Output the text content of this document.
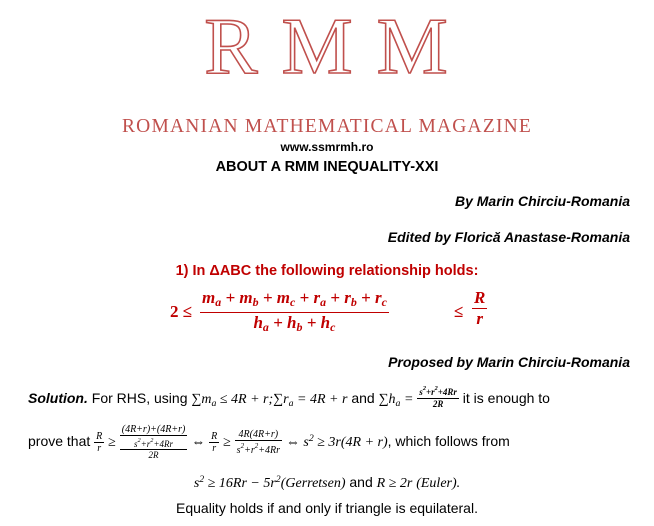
R M M
ROMANIAN MATHEMATICAL MAGAZINE
www.ssmrmh.ro
ABOUT A RMM INEQUALITY-XXI
By Marin Chirciu-Romania
Edited by Florică Anastase-Romania
1) In ΔABC the following relationship holds:
$2 \le \frac{m_a + m_b + m_c + r_a + r_b + r_c}{h_a + h_b + h_c}$	≤ $\frac{R}{r}$
Proposed by Marin Chirciu-Romania
Solution. For RHS, using $\sum m_a \le 4R$ + $r;\sum r_a = 4R + r$ and $\sum h_a = \frac{s^2+r^2+4Rr}{2R}$ it is enough to
prove that $\frac{R}{r}$ ≥
(4R+r)+(4R+r)
$s^2+r^2+4Rr$
2R
⇔ $\frac{R}{r} \ge \frac{4R(4R+r)}{s^2+r^2+4Rr}$ ⇔ $s^2 \ge 3r(4R + r)$, which follows from
$s^2 \ge 16Rr$ − $5r^2(Gerretsen)$ and R ≥ 2r (Euler).
Equality holds if and only if triangle is equilateral.
